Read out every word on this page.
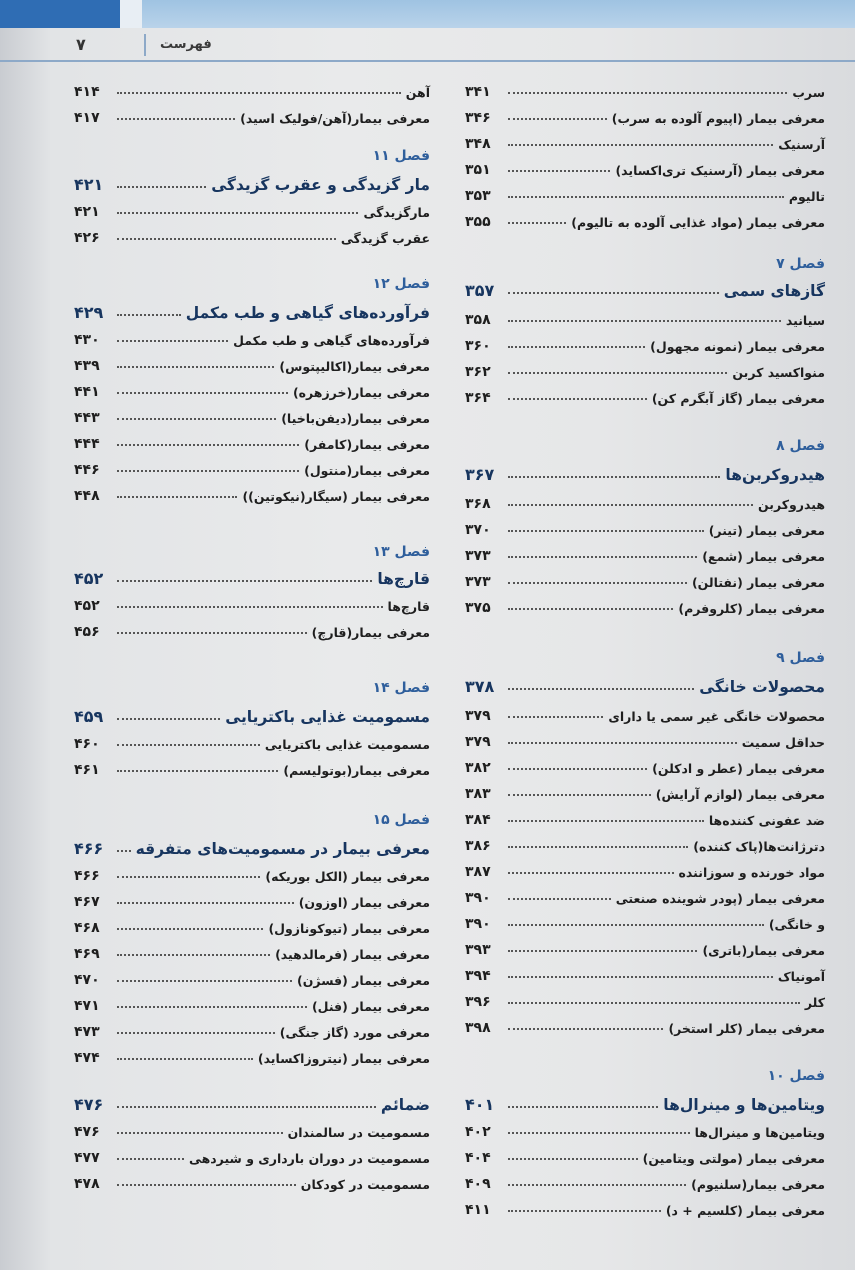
۷	فهرست
سرب
۳۴۱
معرفی بیمار (اپیوم آلوده به سرب)
۳۴۶
آرسنیک
۳۴۸
معرفی بیمار (آرسنیک تری‌اکساید)
۳۵۱
تالیوم
۳۵۳
معرفی بیمار (مواد غذایی آلوده به تالیوم)
۳۵۵
فصل ۷
گازهای سمی
۳۵۷
سیانید
۳۵۸
معرفی بیمار (نمونه مجهول)
۳۶۰
منواکسید کربن
۳۶۲
معرفی بیمار (گاز آبگرم کن)
۳۶۴
فصل ۸
هیدروکربن‌ها
۳۶۷
هیدروکربن
۳۶۸
معرفی بیمار (تینر)
۳۷۰
معرفی بیمار (شمع)
۳۷۳
معرفی بیمار (نفتالن)
۳۷۳
معرفی بیمار (کلروفرم)
۳۷۵
فصل ۹
محصولات خانگی
۳۷۸
محصولات خانگی غیر سمی یا دارای
۳۷۹
حداقل سمیت
۳۷۹
معرفی بیمار (عطر و ادکلن)
۳۸۲
معرفی بیمار (لوازم آرایش)
۳۸۳
ضد عفونی کننده‌ها
۳۸۴
دترژانت‌ها(پاک کننده)
۳۸۶
مواد خورنده و سوزاننده
۳۸۷
معرفی بیمار (پودر شوینده صنعتی
۳۹۰
و خانگی)
۳۹۰
معرفی بیمار(باتری)
۳۹۳
آمونیاک
۳۹۴
کلر
۳۹۶
معرفی بیمار (کلر استخر)
۳۹۸
فصل ۱۰
ویتامین‌ها و مینرال‌ها
۴۰۱
ویتامین‌ها و مینرال‌ها
۴۰۲
معرفی بیمار (مولتی ویتامین)
۴۰۴
معرفی بیمار(سلنیوم)
۴۰۹
معرفی بیمار (کلسیم + د)
۴۱۱
آهن
۴۱۴
معرفی بیمار(آهن/فولیک اسید)
۴۱۷
فصل ۱۱
مار گزیدگی و عقرب گزیدگی
۴۲۱
مارگزیدگی
۴۲۱
عقرب گزیدگی
۴۲۶
فصل ۱۲
فرآورده‌های گیاهی و طب مکمل
۴۲۹
فرآورده‌های گیاهی و طب مکمل
۴۳۰
معرفی بیمار(اکالیپتوس)
۴۳۹
معرفی بیمار(خرزهره)
۴۴۱
معرفی بیمار(دیفن‌باخیا)
۴۴۳
معرفی بیمار(کامفر)
۴۴۴
معرفی بیمار(منتول)
۴۴۶
معرفی بیمار (سیگار(نیکوتین))
۴۴۸
فصل ۱۳
قارچ‌ها
۴۵۲
قارچ‌ها
۴۵۲
معرفی بیمار(قارچ)
۴۵۶
فصل ۱۴
مسمومیت غذایی باکتریایی
۴۵۹
مسمومیت غذایی باکتریایی
۴۶۰
معرفی بیمار(بوتولیسم)
۴۶۱
فصل ۱۵
معرفی بیمار در مسمومیت‌های متفرقه
۴۶۶
معرفی بیمار (الکل بوریکه)
۴۶۶
معرفی بیمار (اوزون)
۴۶۷
معرفی بیمار (تیوکونازول)
۴۶۸
معرفی بیمار (فرمالدهید)
۴۶۹
معرفی بیمار (فسژن)
۴۷۰
معرفی بیمار (فنل)
۴۷۱
معرفی مورد (گاز جنگی)
۴۷۳
معرفی بیمار (نیتروزاکساید)
۴۷۴
ضمائم
۴۷۶
مسمومیت در سالمندان
۴۷۶
مسمومیت در دوران بارداری و شیردهی
۴۷۷
مسمومیت در کودکان
۴۷۸
